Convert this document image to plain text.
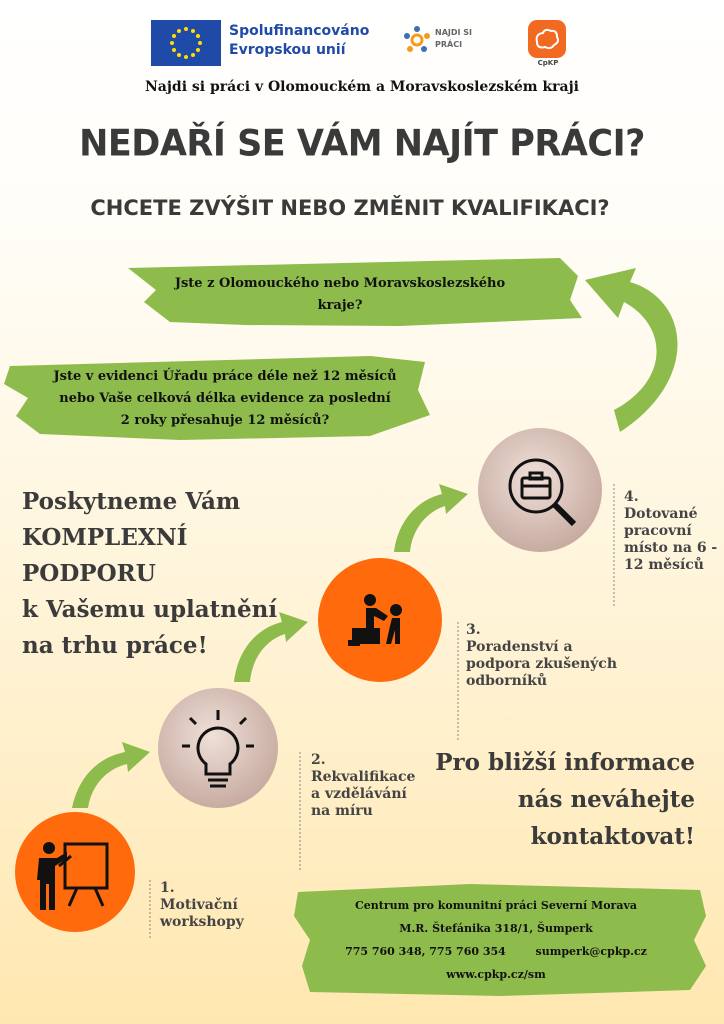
Spolufinancováno
Evropskou unií
NAJDI SI
PRÁCI
CpKP
Najdi si práci v Olomouckém a Moravskoslezském kraji
NEDAŘÍ SE VÁM NAJÍT PRÁCI?
CHCETE ZVÝŠIT NEBO ZMĚNIT KVALIFIKACI?
Jste z Olomouckého nebo Moravskoslezského
kraje?
Jste v evidenci Úřadu práce déle než 12 měsíců
nebo Vaše celková délka evidence za poslední
2 roky přesahuje 12 měsíců?
Poskytneme Vám
KOMPLEXNÍ PODPORU
k Vašemu uplatnění
na trhu práce!
1.
Motivační
workshopy
2.
Rekvalifikace
a vzdělávání
na míru
3.
Poradenství a
podpora zkušených
odborníků
4.
Dotované
pracovní
místo na 6 -
12 měsíců
Pro bližší informace
nás neváhejte
kontaktovat!
Centrum pro komunitní práci Severní Morava
M.R. Štefánika 318/1, Šumperk
775 760 348, 775 760 354	sumperk@cpkp.cz
www.cpkp.cz/sm
